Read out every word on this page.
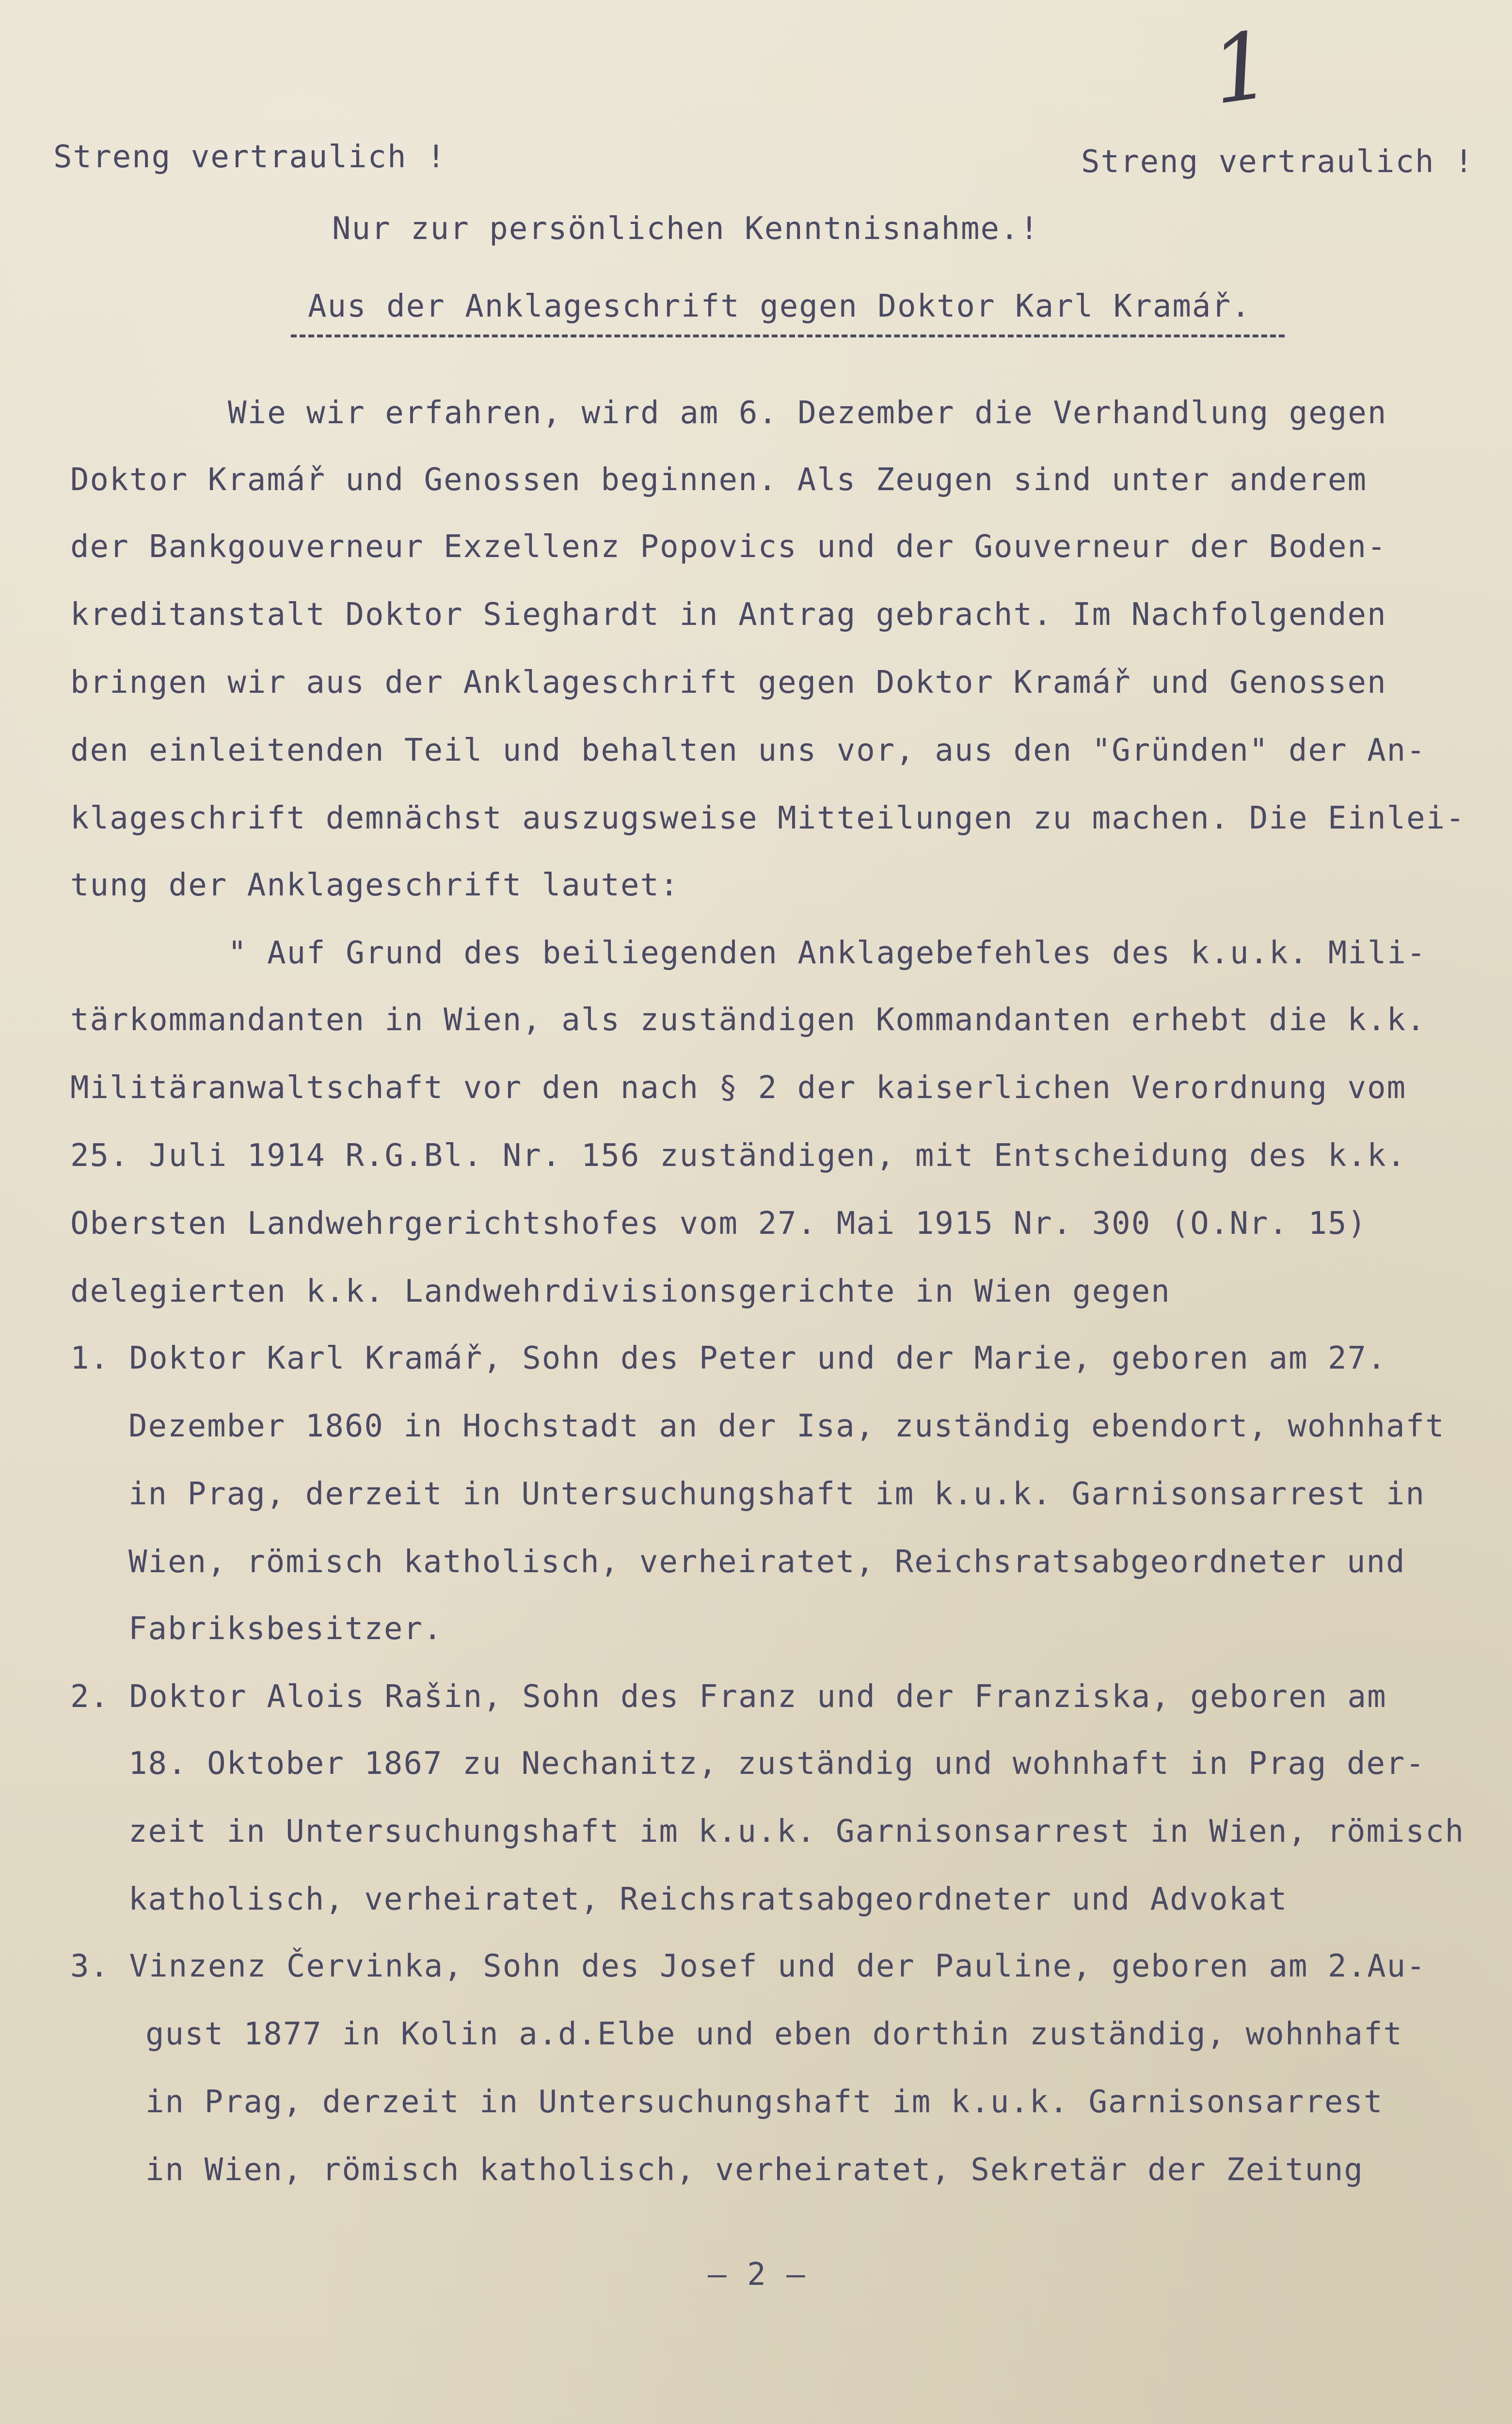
1
Streng vertraulich !	Streng vertraulich !
Nur zur persönlichen Kenntnisnahme.!
Aus der Anklageschrift gegen Doktor Karl Kramář.
Wie wir erfahren, wird am 6. Dezember die Verhandlung gegen
Doktor Kramář und Genossen beginnen. Als Zeugen sind unter anderem
der Bankgouverneur Exzellenz Popovics und der Gouverneur der Boden-
kreditanstalt Doktor Sieghardt in Antrag gebracht. Im Nachfolgenden
bringen wir aus der Anklageschrift gegen Doktor Kramář und Genossen
den einleitenden Teil und behalten uns vor, aus den "Gründen" der An-
klageschrift demnächst auszugsweise Mitteilungen zu machen. Die Einlei-
tung der Anklageschrift lautet:
" Auf Grund des beiliegenden Anklagebefehles des k.u.k. Mili-
tärkommandanten in Wien, als zuständigen Kommandanten erhebt die k.k.
Militäranwaltschaft vor den nach § 2 der kaiserlichen Verordnung vom
25. Juli 1914 R.G.Bl. Nr. 156 zuständigen, mit Entscheidung des k.k.
Obersten Landwehrgerichtshofes vom 27. Mai 1915 Nr. 300 (O.Nr. 15)
delegierten k.k. Landwehrdivisionsgerichte in Wien gegen
1. Doktor Karl Kramář, Sohn des Peter und der Marie, geboren am 27.
Dezember 1860 in Hochstadt an der Isa, zuständig ebendort, wohnhaft
in Prag, derzeit in Untersuchungshaft im k.u.k. Garnisonsarrest in
Wien, römisch katholisch, verheiratet, Reichsratsabgeordneter und
Fabriksbesitzer.
2. Doktor Alois Rašin, Sohn des Franz und der Franziska, geboren am
18. Oktober 1867 zu Nechanitz, zuständig und wohnhaft in Prag der-
zeit in Untersuchungshaft im k.u.k. Garnisonsarrest in Wien, römisch
katholisch, verheiratet, Reichsratsabgeordneter und Advokat
3. Vinzenz Červinka, Sohn des Josef und der Pauline, geboren am 2.Au-
gust 1877 in Kolin a.d.Elbe und eben dorthin zuständig, wohnhaft
in Prag, derzeit in Untersuchungshaft im k.u.k. Garnisonsarrest
in Wien, römisch katholisch, verheiratet, Sekretär der Zeitung
– 2 –
